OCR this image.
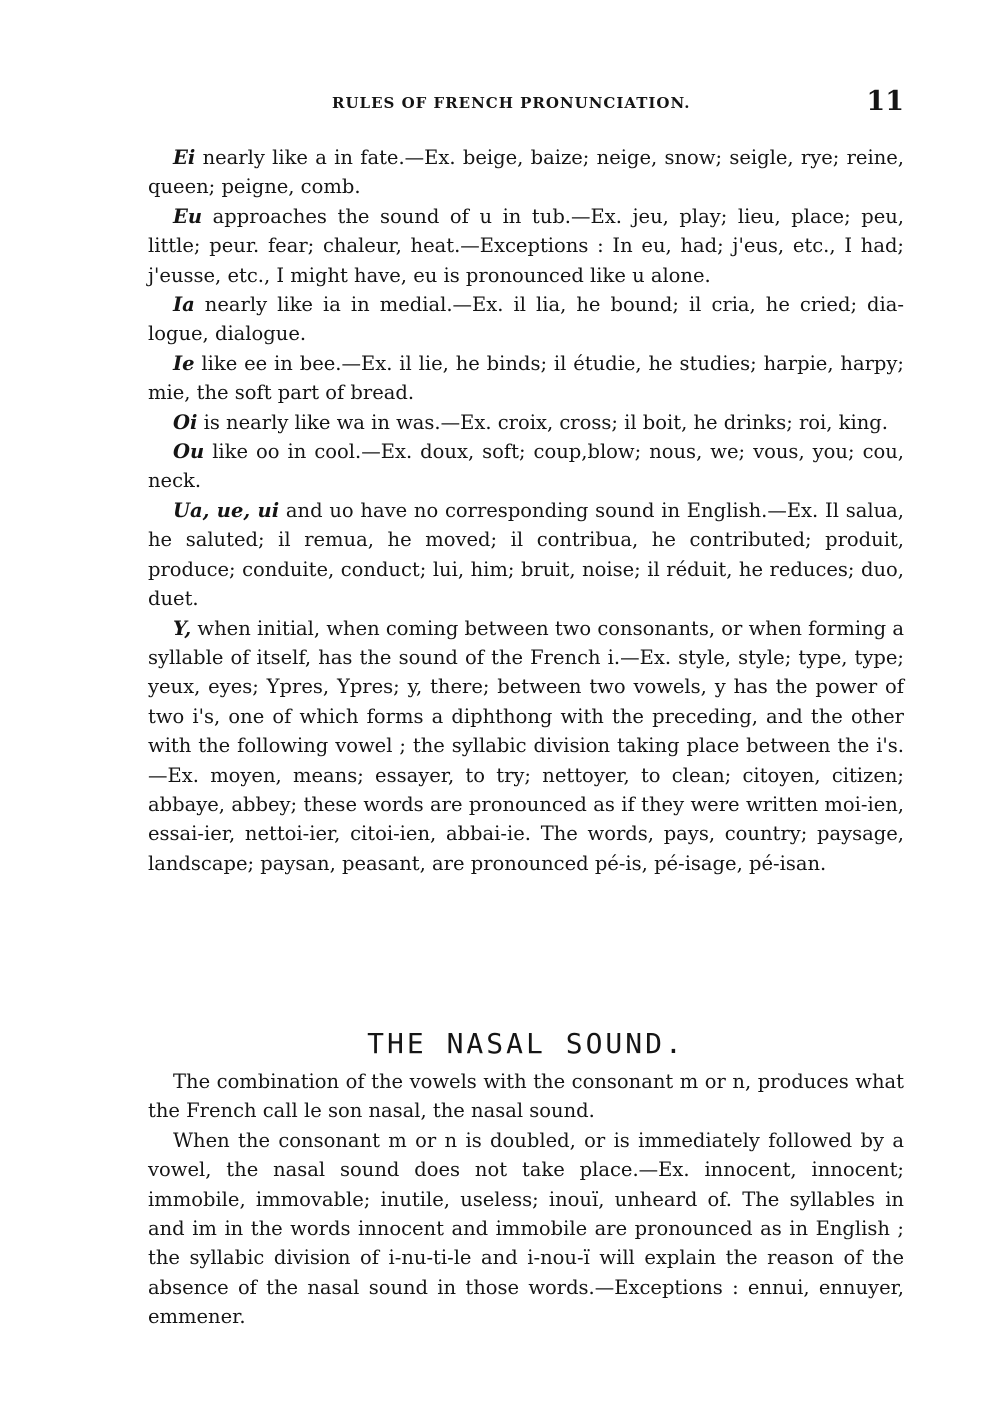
RULES OF FRENCH PRONUNCIATION.	11

Ei nearly like a in fate.—Ex. beige, baize; neige, snow; seigle, rye; reine, queen; peigne, comb.

Eu approaches the sound of u in tub.—Ex. jeu, play; lieu, place; peu, little; peur. fear; chaleur, heat.—Exceptions : In eu, had; j'eus, etc., I had; j'eusse, etc., I might have, eu is pronounced like u alone.

Ia nearly like ia in medial.—Ex. il lia, he bound; il cria, he cried; dialogue, dialogue.

Ie like ee in bee.—Ex. il lie, he binds; il étudie, he studies; harpie, harpy; mie, the soft part of bread.

Oi is nearly like wa in was.—Ex. croix, cross; il boit, he drinks; roi, king.

Ou like oo in cool.—Ex. doux, soft; coup,blow; nous, we; vous, you; cou, neck.

Ua, ue, ui and uo have no corresponding sound in English.—Ex. Il salua, he saluted; il remua, he moved; il contribua, he contributed; produit, produce; conduite, conduct; lui, him; bruit, noise; il réduit, he reduces; duo, duet.

Y, when initial, when coming between two consonants, or when forming a syllable of itself, has the sound of the French i.—Ex. style, style; type, type; yeux, eyes; Ypres, Ypres; y, there; between two vowels, y has the power of two i's, one of which forms a diphthong with the preceding, and the other with the following vowel ; the syllabic division taking place between the i's.—Ex. moyen, means; essayer, to try; nettoyer, to clean; citoyen, citizen; abbaye, abbey; these words are pronounced as if they were written moi-ien, essai-ier, nettoi-ier, citoi-ien, abbai-ie. The words, pays, country; paysage, landscape; paysan, peasant, are pronounced pé-is, pé-isage, pé-isan.

THE NASAL SOUND.

The combination of the vowels with the consonant m or n, produces what the French call le son nasal, the nasal sound.

When the consonant m or n is doubled, or is immediately followed by a vowel, the nasal sound does not take place.—Ex. innocent, innocent; immobile, immovable; inutile, useless; inouï, unheard of. The syllables in and im in the words innocent and immobile are pronounced as in English ; the syllabic division of i-nu-ti-le and i-nou-ï will explain the reason of the absence of the nasal sound in those words.—Exceptions : ennui, ennuyer, emmener.
